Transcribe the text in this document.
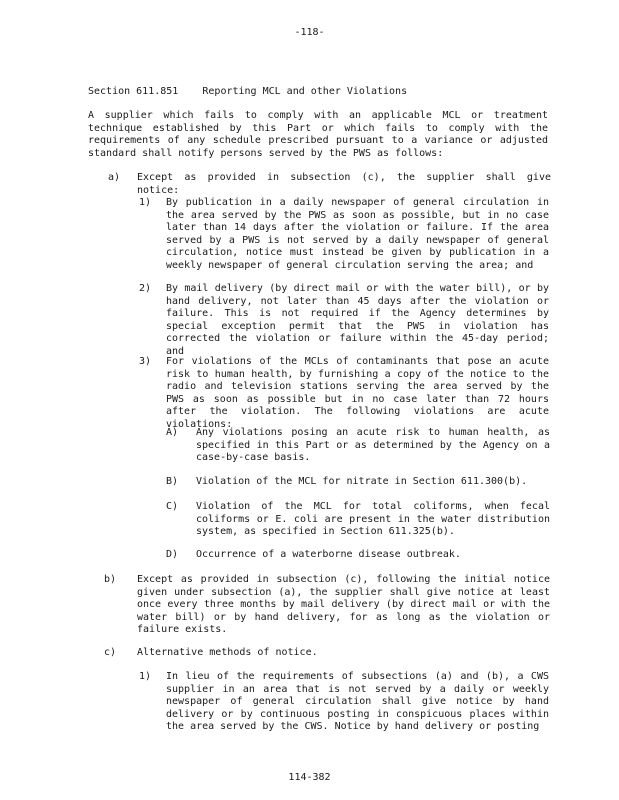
-118-
Section 611.851    Reporting MCL and other Violations
A supplier which fails to comply with an applicable MCL or treatment technique established by this Part or which fails to comply with the requirements of any schedule prescribed pursuant to a variance or adjusted standard shall notify persons served by the PWS as follows:
a) Except as provided in subsection (c), the supplier shall give notice:
1) By publication in a daily newspaper of general circulation in the area served by the PWS as soon as possible, but in no case later than 14 days after the violation or failure. If the area served by a PWS is not served by a daily newspaper of general circulation, notice must instead be given by publication in a weekly newspaper of general circulation serving the area; and
2) By mail delivery (by direct mail or with the water bill), or by hand delivery, not later than 45 days after the violation or failure. This is not required if the Agency determines by special exception permit that the PWS in violation has corrected the violation or failure within the 45-day period; and
3) For violations of the MCLs of contaminants that pose an acute risk to human health, by furnishing a copy of the notice to the radio and television stations serving the area served by the PWS as soon as possible but in no case later than 72 hours after the violation. The following violations are acute violations:
A) Any violations posing an acute risk to human health, as specified in this Part or as determined by the Agency on a case-by-case basis.
B) Violation of the MCL for nitrate in Section 611.300(b).
C) Violation of the MCL for total coliforms, when fecal coliforms or E. coli are present in the water distribution system, as specified in Section 611.325(b).
D) Occurrence of a waterborne disease outbreak.
b) Except as provided in subsection (c), following the initial notice given under subsection (a), the supplier shall give notice at least once every three months by mail delivery (by direct mail or with the water bill) or by hand delivery, for as long as the violation or failure exists.
c) Alternative methods of notice.
1) In lieu of the requirements of subsections (a) and (b), a CWS supplier in an area that is not served by a daily or weekly newspaper of general circulation shall give notice by hand delivery or by continuous posting in conspicuous places within the area served by the CWS. Notice by hand delivery or posting
114-382
